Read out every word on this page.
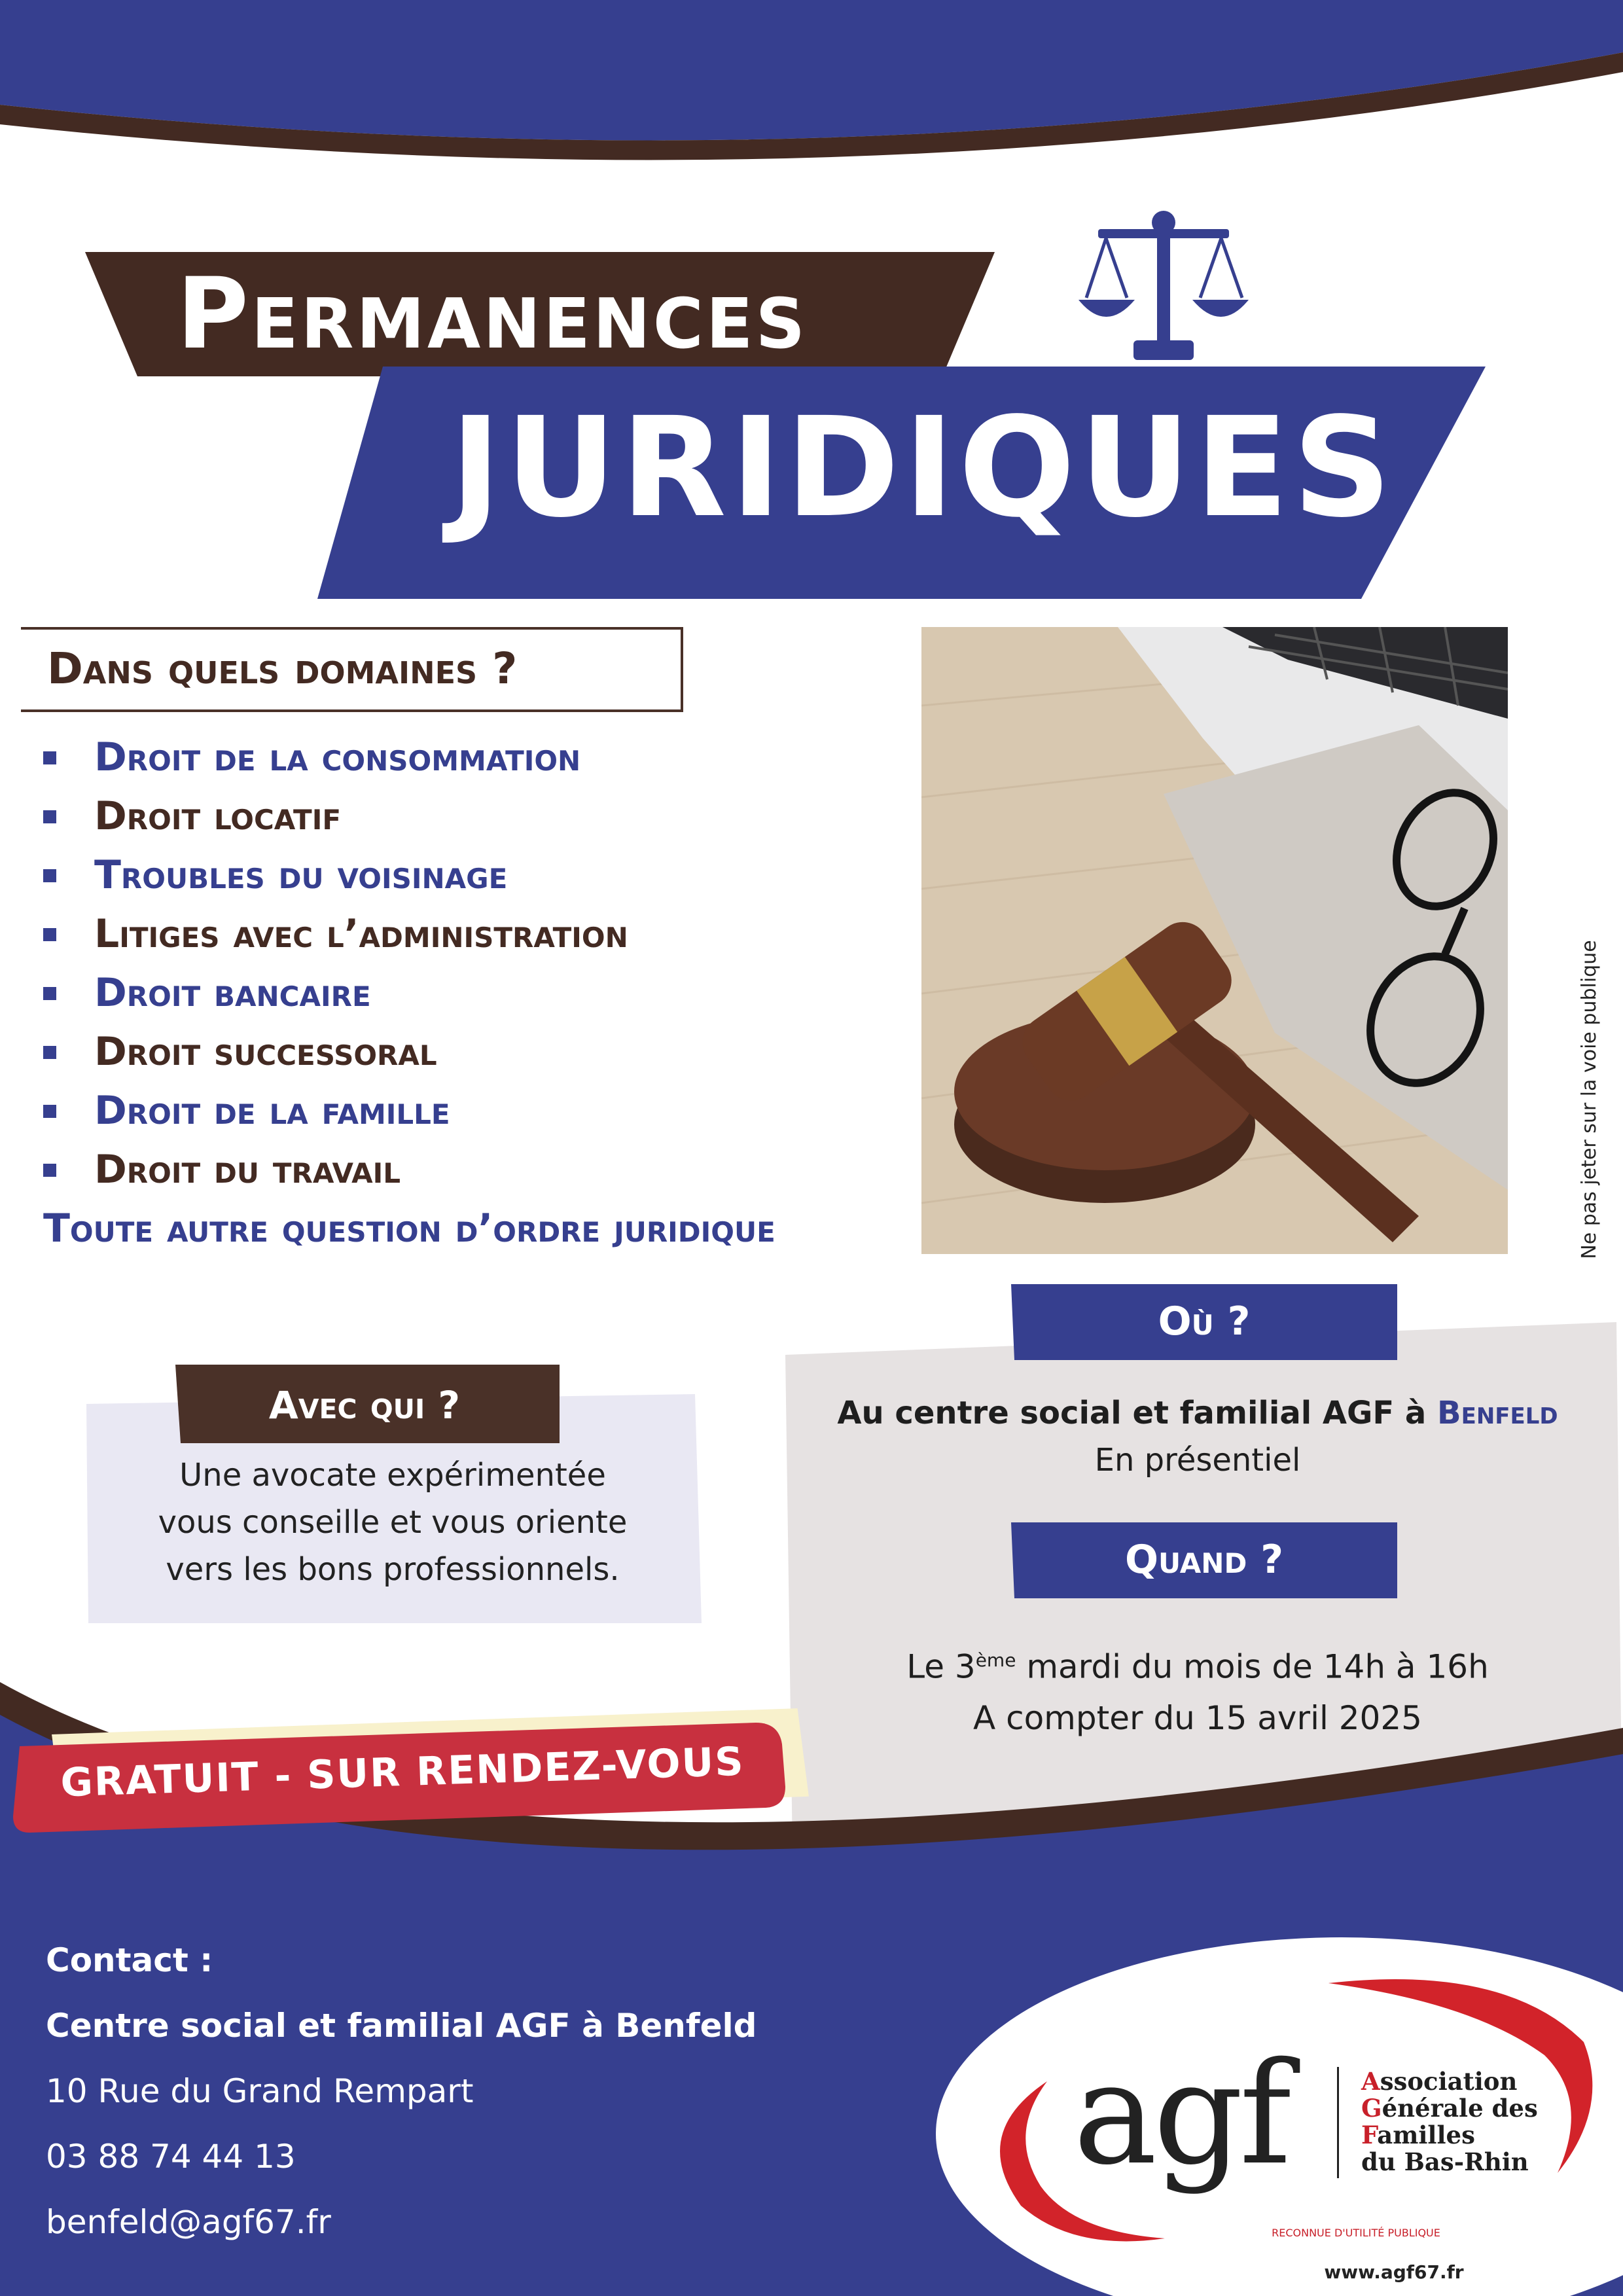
Permanences
JURIDIQUES
Dans quels domaines ?
Droit de la consommation
Droit locatif
Troubles du voisinage
Litiges avec l’administration
Droit bancaire
Droit successoral
Droit de la famille
Droit du travail
Toute autre question d’ordre juridique	Ne pas jeter sur la voie publique
Avec qui ?
Une avocate expérimentée
vous conseille et vous oriente
vers les bons professionnels.
Où ?
Au centre social et familial AGF à Benfeld
En présentiel
Quand ?
Le 3ème mardi du mois de 14h à 16h
A compter du 15 avril 2025
GRATUIT - SUR RENDEZ-VOUS
Contact :
Centre social et familial AGF à Benfeld
10 Rue du Grand Rempart
03 88 74 44 13
benfeld@agf67.fr
agf	Association
Générale des
Familles
du Bas-Rhin
RECONNUE D'UTILITÉ PUBLIQUE
www.agf67.fr
